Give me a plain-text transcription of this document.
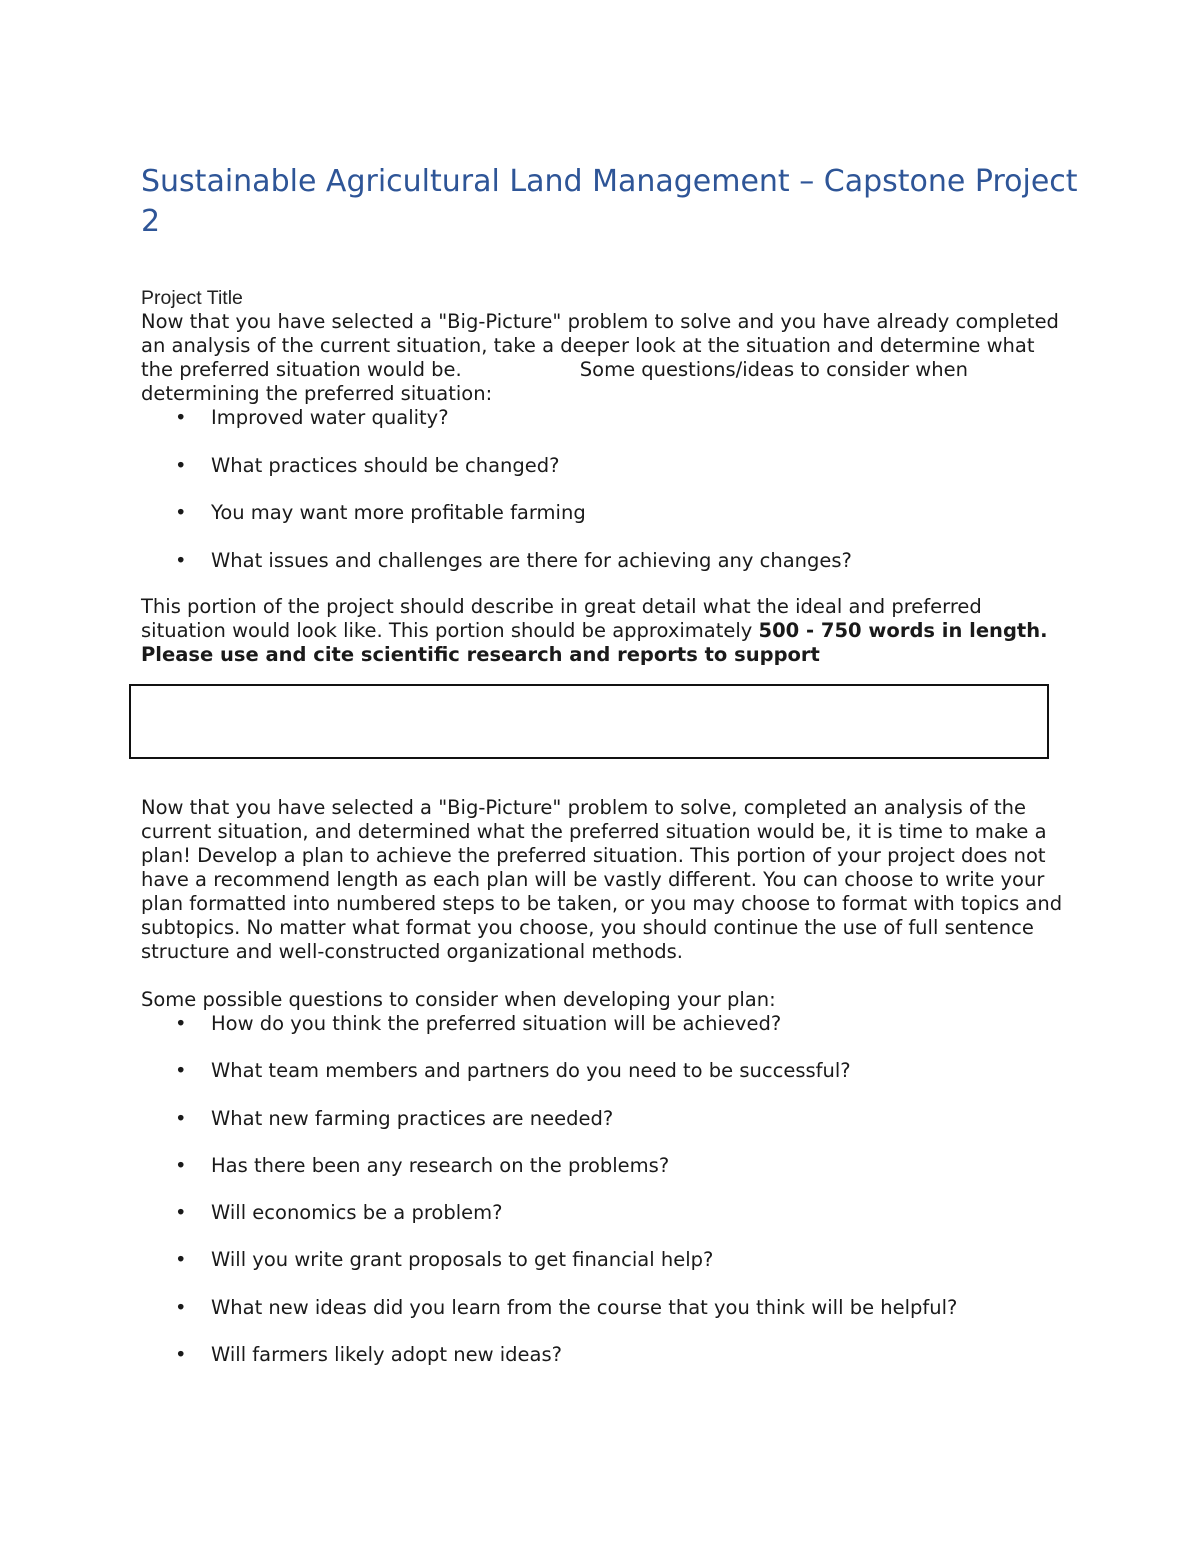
Sustainable Agricultural Land Management – Capstone Project 2
Project Title

Now that you have selected a "Big-Picture" problem to solve and you have already completed an analysis of the current situation, take a deeper look at the situation and determine what the preferred situation would be.	Some questions/ideas to consider when determining the preferred situation:

• Improved water quality?
• What practices should be changed?
• You may want more profitable farming
• What issues and challenges are there for achieving any changes?

This portion of the project should describe in great detail what the ideal and preferred situation would look like. This portion should be approximately 500 - 750 words in length. Please use and cite scientific research and reports to support

Now that you have selected a "Big-Picture" problem to solve, completed an analysis of the current situation, and determined what the preferred situation would be, it is time to make a plan! Develop a plan to achieve the preferred situation. This portion of your project does not have a recommend length as each plan will be vastly different. You can choose to write your plan formatted into numbered steps to be taken, or you may choose to format with topics and subtopics. No matter what format you choose, you should continue the use of full sentence structure and well-constructed organizational methods.

Some possible questions to consider when developing your plan:

• How do you think the preferred situation will be achieved?
• What team members and partners do you need to be successful?
• What new farming practices are needed?
• Has there been any research on the problems?
• Will economics be a problem?
• Will you write grant proposals to get financial help?
• What new ideas did you learn from the course that you think will be helpful?
• Will farmers likely adopt new ideas?
